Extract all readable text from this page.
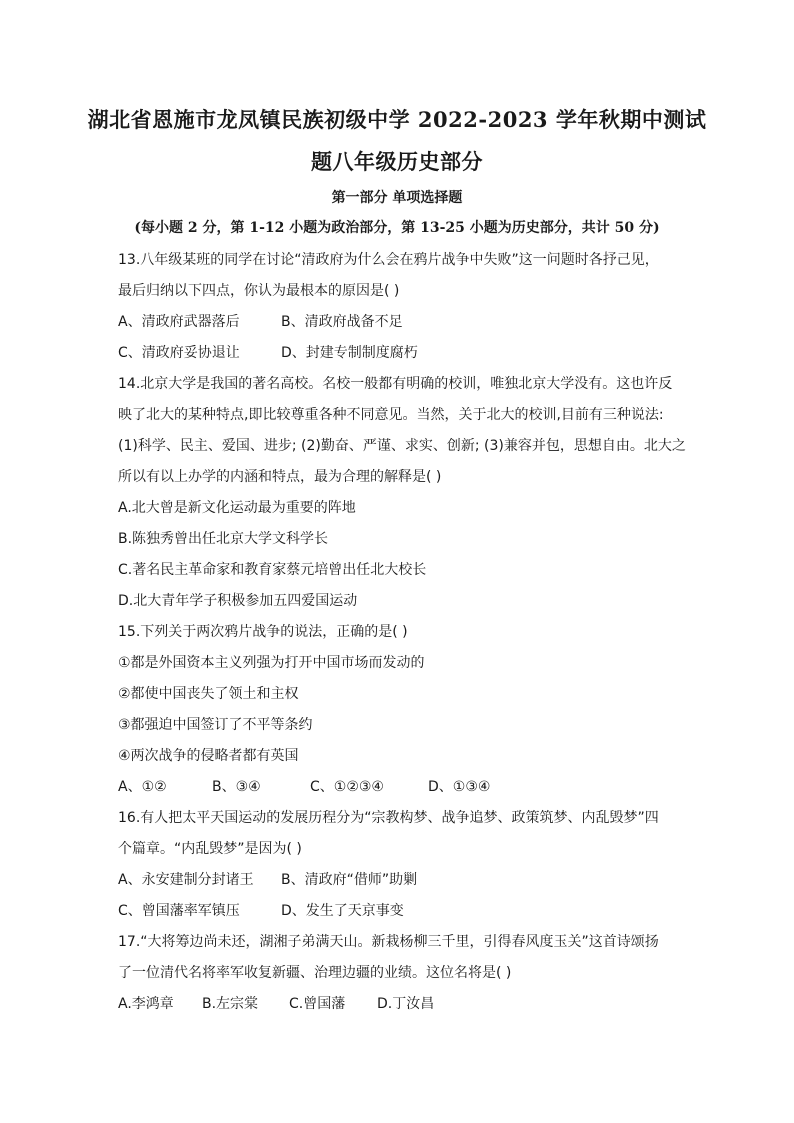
湖北省恩施市龙凤镇民族初级中学 2022-2023 学年秋期中测试
题八年级历史部分
第一部分 单项选择题
(每小题 2 分，第 1-12 小题为政治部分，第 13-25 小题为历史部分，共计 50 分)
13.八年级某班的同学在讨论“清政府为什么会在鸦片战争中失败”这一问题时各抒己见，
最后归纳以下四点，你认为最根本的原因是( )
A、清政府武器落后	B、清政府战备不足
C、清政府妥协退让	D、封建专制制度腐朽
14.北京大学是我国的著名高校。名校一般都有明确的校训，唯独北京大学没有。这也许反
映了北大的某种特点,即比较尊重各种不同意见。当然，关于北大的校训,目前有三种说法:
(1)科学、民主、爱国、进步; (2)勤奋、严谨、求实、创新; (3)兼容并包，思想自由。北大之
所以有以上办学的内涵和特点，最为合理的解释是( )
A.北大曾是新文化运动最为重要的阵地
B.陈独秀曾出任北京大学文科学长
C.著名民主革命家和教育家蔡元培曾出任北大校长
D.北大青年学子积极参加五四爱国运动
15.下列关于两次鸦片战争的说法，正确的是( )
①都是外国资本主义列强为打开中国市场而发动的
②都使中国丧失了领土和主权
③都强迫中国签订了不平等条约
④两次战争的侵略者都有英国
A、①②	B、③④	C、①②③④	D、①③④
16.有人把太平天国运动的发展历程分为“宗教构梦、战争追梦、政策筑梦、内乱毁梦”四
个篇章。“内乱毁梦”是因为( )
A、永安建制分封诸王 B、清政府“借师”助剿
C、曾国藩率军镇压	D、发生了天京事变
17.“大将筹边尚未还，湖湘子弟满天山。新栽杨柳三千里，引得春风度玉关”这首诗颂扬
了一位清代名将率军收复新疆、治理边疆的业绩。这位名将是( )
A.李鸿章 B.左宗棠 C.曾国藩 D.丁汝昌
